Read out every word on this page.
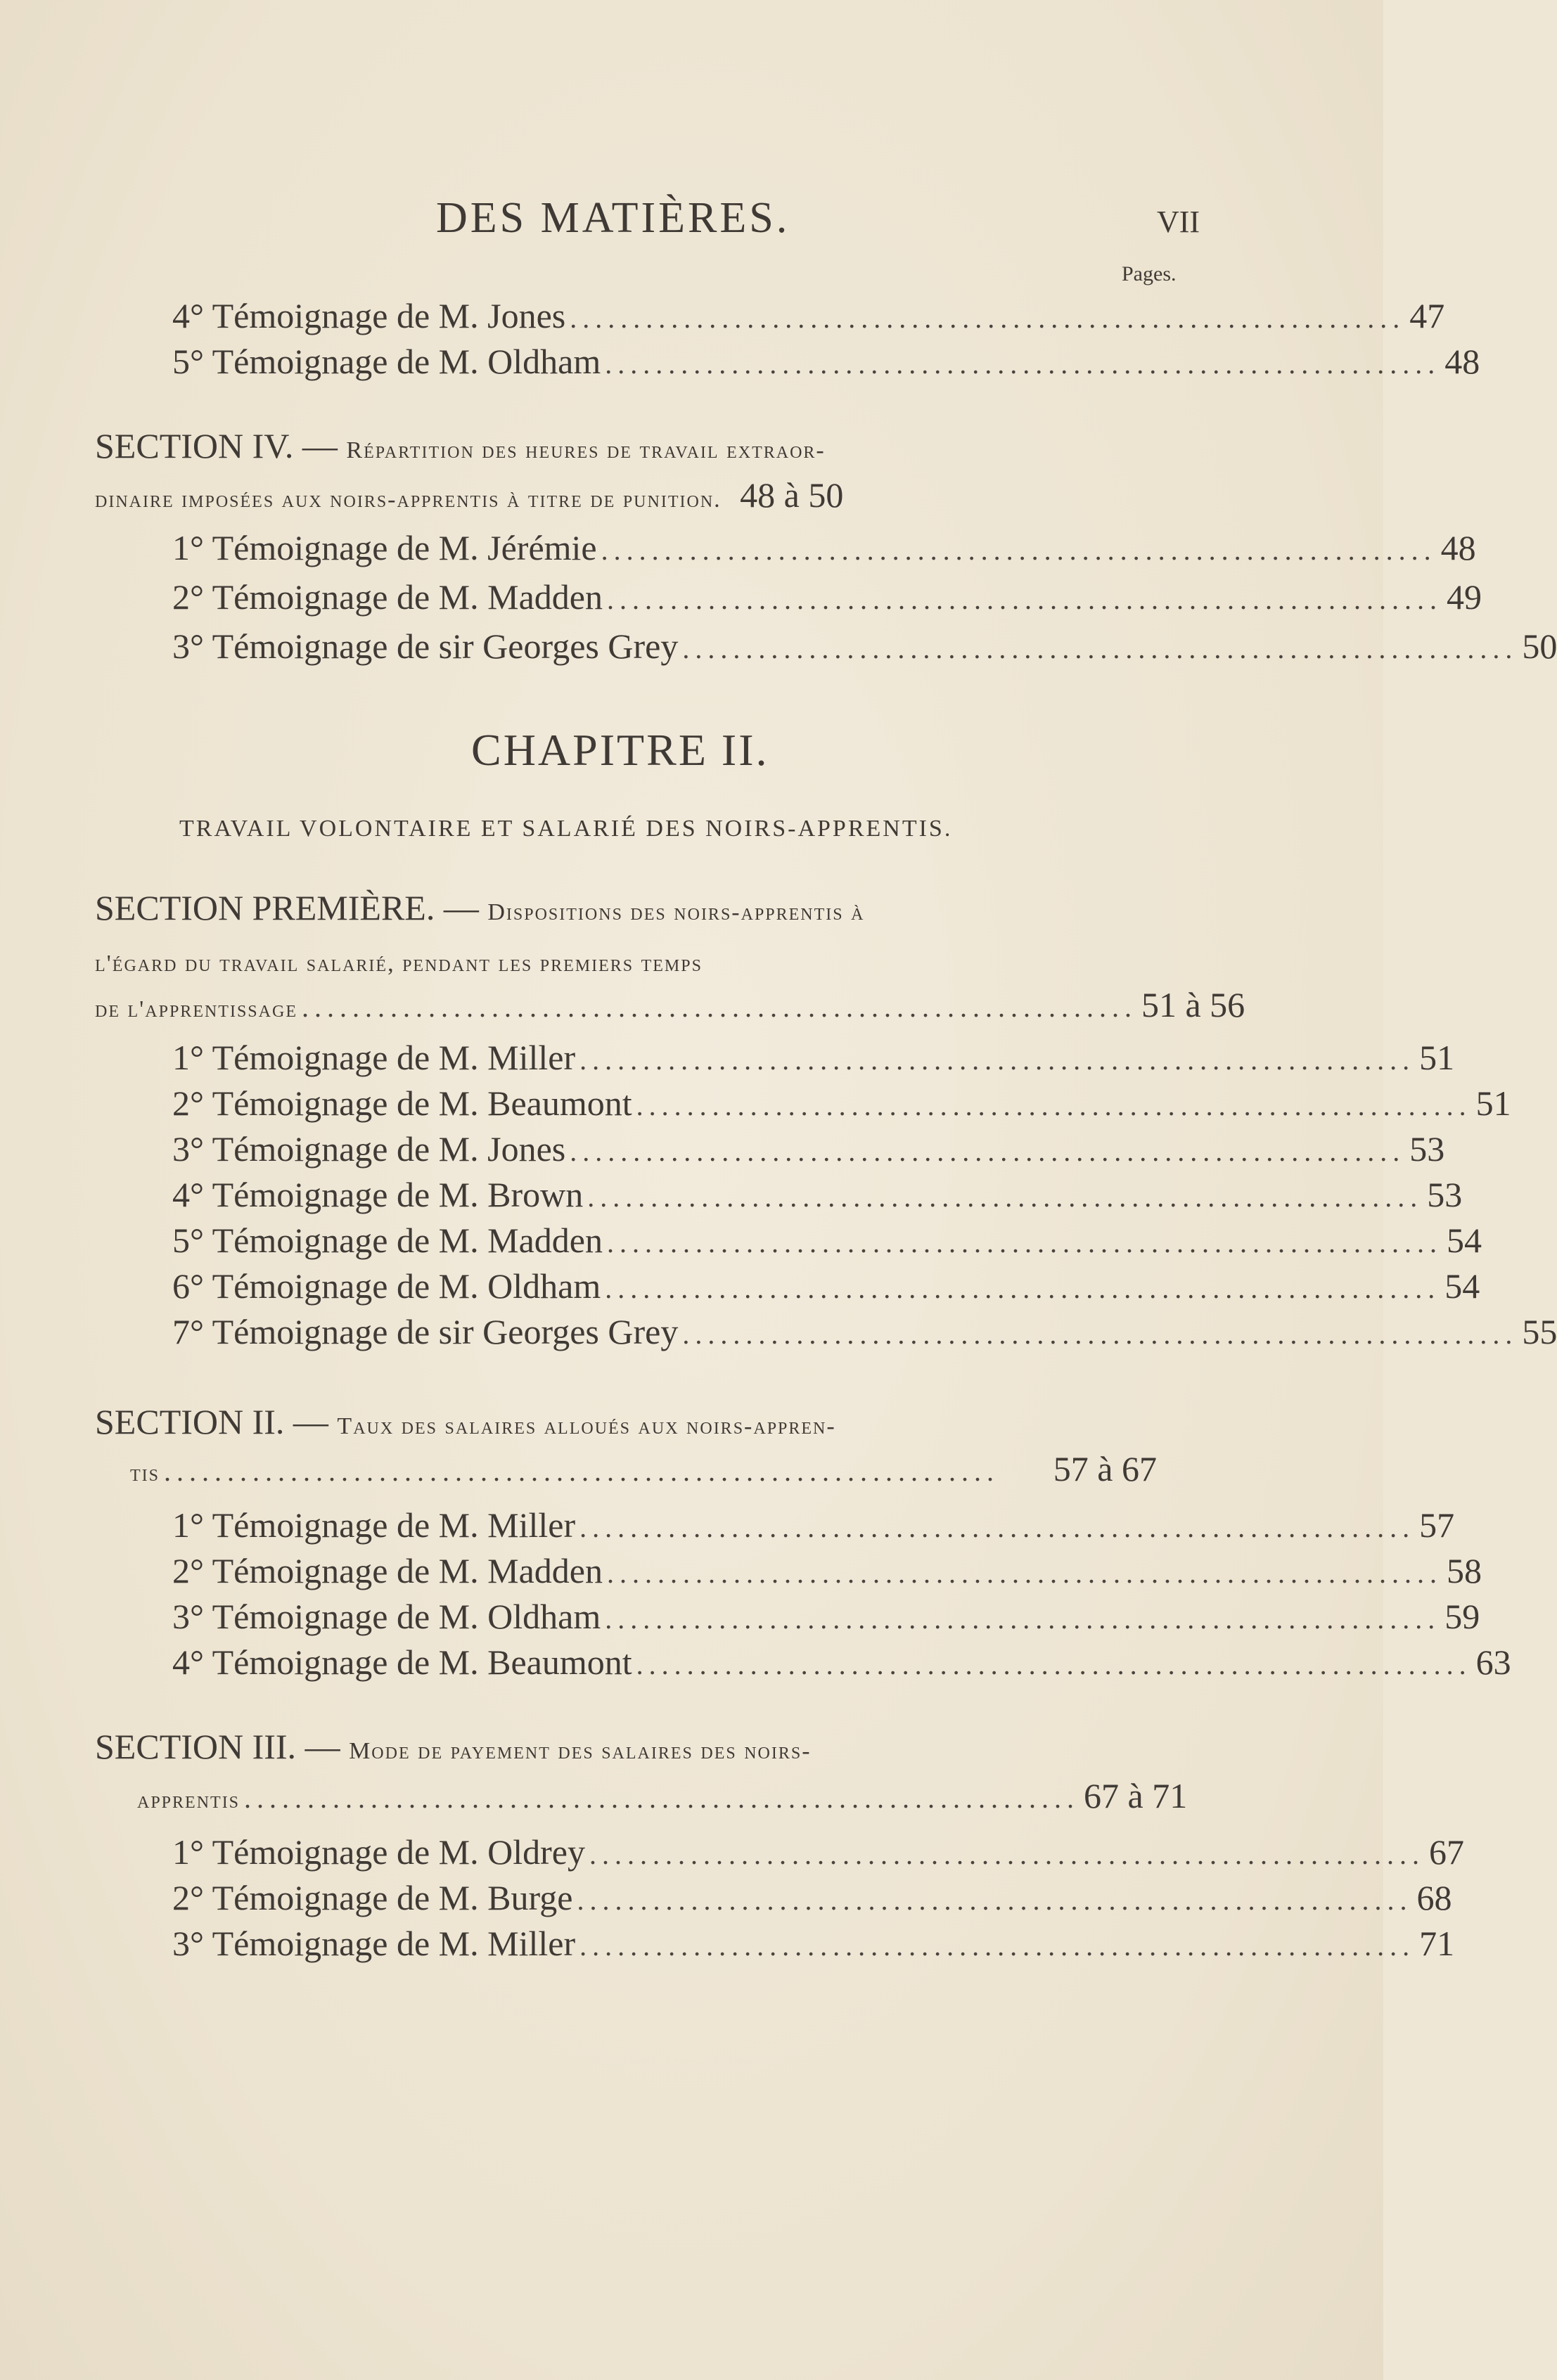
DES MATIÈRES.	VII
Pages.
4° Témoignage de M. Jones .................................................................. 47
5° Témoignage de M. Oldham .................................................................. 48
SECTION IV. — Répartition des heures de travail extraor-
dinaire imposées aux noirs-apprentis à titre de punition. 48 à 50
1° Témoignage de M. Jérémie .................................................................. 48
2° Témoignage de M. Madden .................................................................. 49
3° Témoignage de sir Georges Grey .................................................................. 50
CHAPITRE II.
TRAVAIL VOLONTAIRE ET SALARIÉ DES NOIRS-APPRENTIS.
SECTION PREMIÈRE. — Dispositions des noirs-apprentis à
l'égard du travail salarié, pendant les premiers temps
de l'apprentissage .................................................................. 51 à 56
1° Témoignage de M. Miller .................................................................. 51
2° Témoignage de M. Beaumont .................................................................. 51
3° Témoignage de M. Jones .................................................................. 53
4° Témoignage de M. Brown .................................................................. 53
5° Témoignage de M. Madden .................................................................. 54
6° Témoignage de M. Oldham .................................................................. 54
7° Témoignage de sir Georges Grey .................................................................. 55
SECTION II. — Taux des salaires alloués aux noirs-appren-
tis ..................................................................	57 à 67
1° Témoignage de M. Miller .................................................................. 57
2° Témoignage de M. Madden .................................................................. 58
3° Témoignage de M. Oldham .................................................................. 59
4° Témoignage de M. Beaumont .................................................................. 63
SECTION III. — Mode de payement des salaires des noirs-
apprentis .................................................................. 67 à 71
1° Témoignage de M. Oldrey .................................................................. 67
2° Témoignage de M. Burge .................................................................. 68
3° Témoignage de M. Miller .................................................................. 71
